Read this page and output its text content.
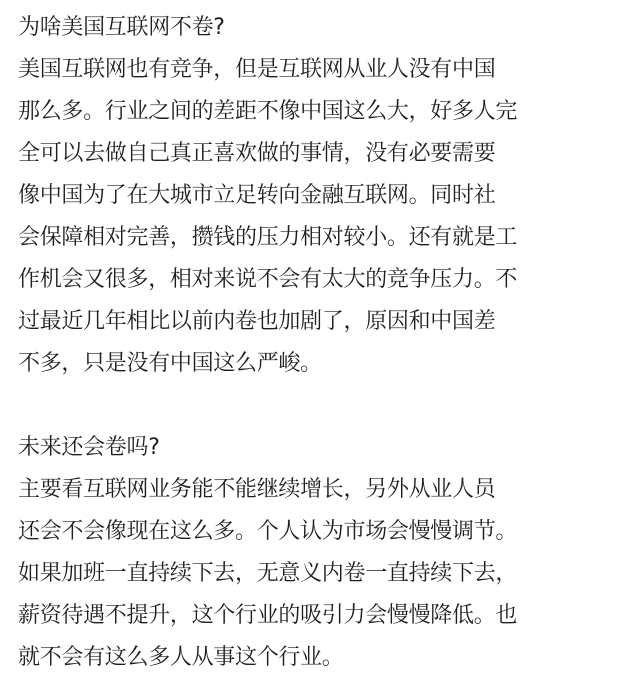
为啥美国互联网不卷?
美国互联网也有竞争，但是互联网从业人没有中国
那么多。行业之间的差距不像中国这么大，好多人完
全可以去做自己真正喜欢做的事情，没有必要需要
像中国为了在大城市立足转向金融互联网。同时社
会保障相对完善，攒钱的压力相对较小。还有就是工
作机会又很多，相对来说不会有太大的竞争压力。不
过最近几年相比以前内卷也加剧了，原因和中国差
不多，只是没有中国这么严峻。
未来还会卷吗?
主要看互联网业务能不能继续增长，另外从业人员
还会不会像现在这么多。个人认为市场会慢慢调节。
如果加班一直持续下去，无意义内卷一直持续下去，
薪资待遇不提升，这个行业的吸引力会慢慢降低。也
就不会有这么多人从事这个行业。
